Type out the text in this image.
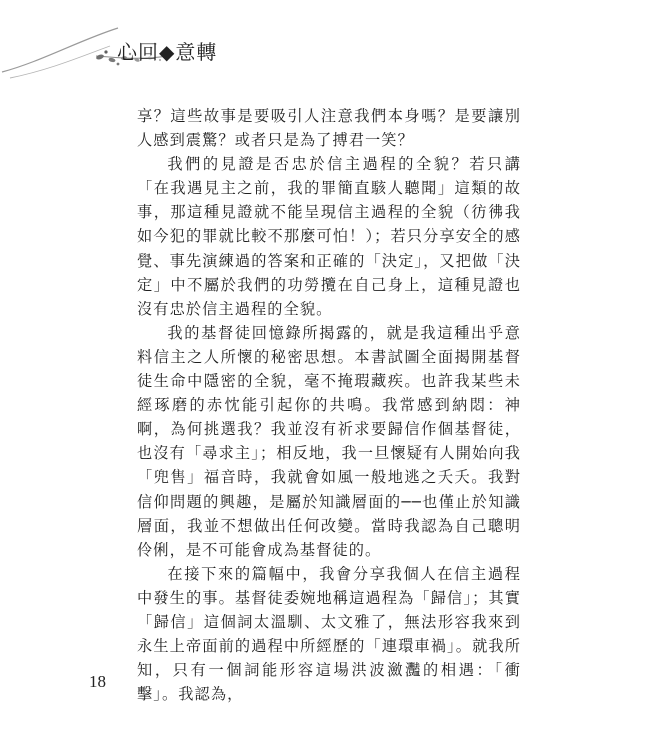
心回◆意轉

享？這些故事是要吸引人注意我們本身嗎？是要讓別人感到震驚？或者只是為了搏君一笑？

我們的見證是否忠於信主過程的全貌？若只講「在我遇見主之前，我的罪簡直駭人聽聞」這類的故事，那這種見證就不能呈現信主過程的全貌（彷彿我如今犯的罪就比較不那麼可怕！）；若只分享安全的感覺、事先演練過的答案和正確的「決定」，又把做「決定」中不屬於我們的功勞攬在自己身上，這種見證也沒有忠於信主過程的全貌。

我的基督徒回憶錄所揭露的，就是我這種出乎意料信主之人所懷的秘密思想。本書試圖全面揭開基督徒生命中隱密的全貌，毫不掩瑕藏疾。也許我某些未經琢磨的赤忱能引起你的共鳴。我常感到納悶：神啊，為何挑選我？我並沒有祈求要歸信作個基督徒，也沒有「尋求主」；相反地，我一旦懷疑有人開始向我「兜售」福音時，我就會如風一般地逃之夭夭。我對信仰問題的興趣，是屬於知識層面的──也僅止於知識層面，我並不想做出任何改變。當時我認為自己聰明伶俐，是不可能會成為基督徒的。

在接下來的篇幅中，我會分享我個人在信主過程中發生的事。基督徒委婉地稱這過程為「歸信」；其實「歸信」這個詞太溫馴、太文雅了，無法形容我來到永生上帝面前的過程中所經歷的「連環車禍」。就我所知，只有一個詞能形容這場洪波瀲灩的相遇：「衝擊」。我認為，

18
